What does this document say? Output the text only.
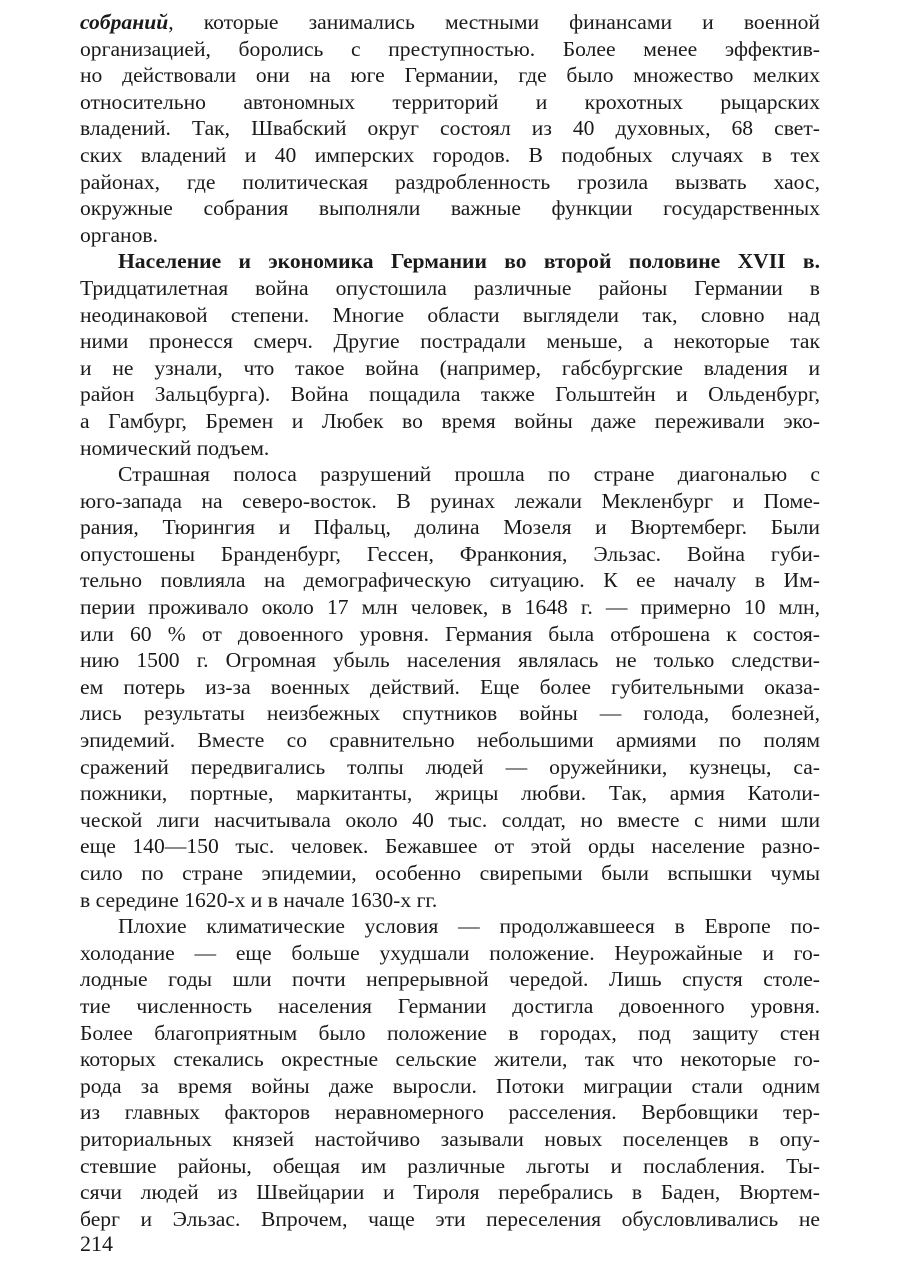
собраний, которые занимались местными финансами и военной
организацией, боролись с преступностью. Более менее эффектив-
но действовали они на юге Германии, где было множество мелких
относительно автономных территорий и крохотных рыцарских
владений. Так, Швабский округ состоял из 40 духовных, 68 свет-
ских владений и 40 имперских городов. В подобных случаях в тех
районах, где политическая раздробленность грозила вызвать хаос,
окружные собрания выполняли важные функции государственных
органов.
Население и экономика Германии во второй половине XVII в.
Тридцатилетная война опустошила различные районы Германии в
неодинаковой степени. Многие области выглядели так, словно над
ними пронесся смерч. Другие пострадали меньше, а некоторые так
и не узнали, что такое война (например, габсбургские владения и
район Зальцбурга). Война пощадила также Гольштейн и Ольденбург,
а Гамбург, Бремен и Любек во время войны даже переживали эко-
номический подъем.
Страшная полоса разрушений прошла по стране диагональю с
юго-запада на северо-восток. В руинах лежали Мекленбург и Поме-
рания, Тюрингия и Пфальц, долина Мозеля и Вюртемберг. Были
опустошены Бранденбург, Гессен, Франкония, Эльзас. Война губи-
тельно повлияла на демографическую ситуацию. К ее началу в Им-
перии проживало около 17 млн человек, в 1648 г. — примерно 10 млн,
или 60 % от довоенного уровня. Германия была отброшена к состоя-
нию 1500 г. Огромная убыль населения являлась не только следстви-
ем потерь из-за военных действий. Еще более губительными оказа-
лись результаты неизбежных спутников войны — голода, болезней,
эпидемий. Вместе со сравнительно небольшими армиями по полям
сражений передвигались толпы людей — оружейники, кузнецы, са-
пожники, портные, маркитанты, жрицы любви. Так, армия Католи-
ческой лиги насчитывала около 40 тыс. солдат, но вместе с ними шли
еще 140—150 тыс. человек. Бежавшее от этой орды население разно-
сило по стране эпидемии, особенно свирепыми были вспышки чумы
в середине 1620-х и в начале 1630-х гг.
Плохие климатические условия — продолжавшееся в Европе по-
холодание — еще больше ухудшали положение. Неурожайные и го-
лодные годы шли почти непрерывной чередой. Лишь спустя столе-
тие численность населения Германии достигла довоенного уровня.
Более благоприятным было положение в городах, под защиту стен
которых стекались окрестные сельские жители, так что некоторые го-
рода за время войны даже выросли. Потоки миграции стали одним
из главных факторов неравномерного расселения. Вербовщики тер-
риториальных князей настойчиво зазывали новых поселенцев в опу-
стевшие районы, обещая им различные льготы и послабления. Ты-
сячи людей из Швейцарии и Тироля перебрались в Баден, Вюртем-
берг и Эльзас. Впрочем, чаще эти переселения обусловливались не
214
